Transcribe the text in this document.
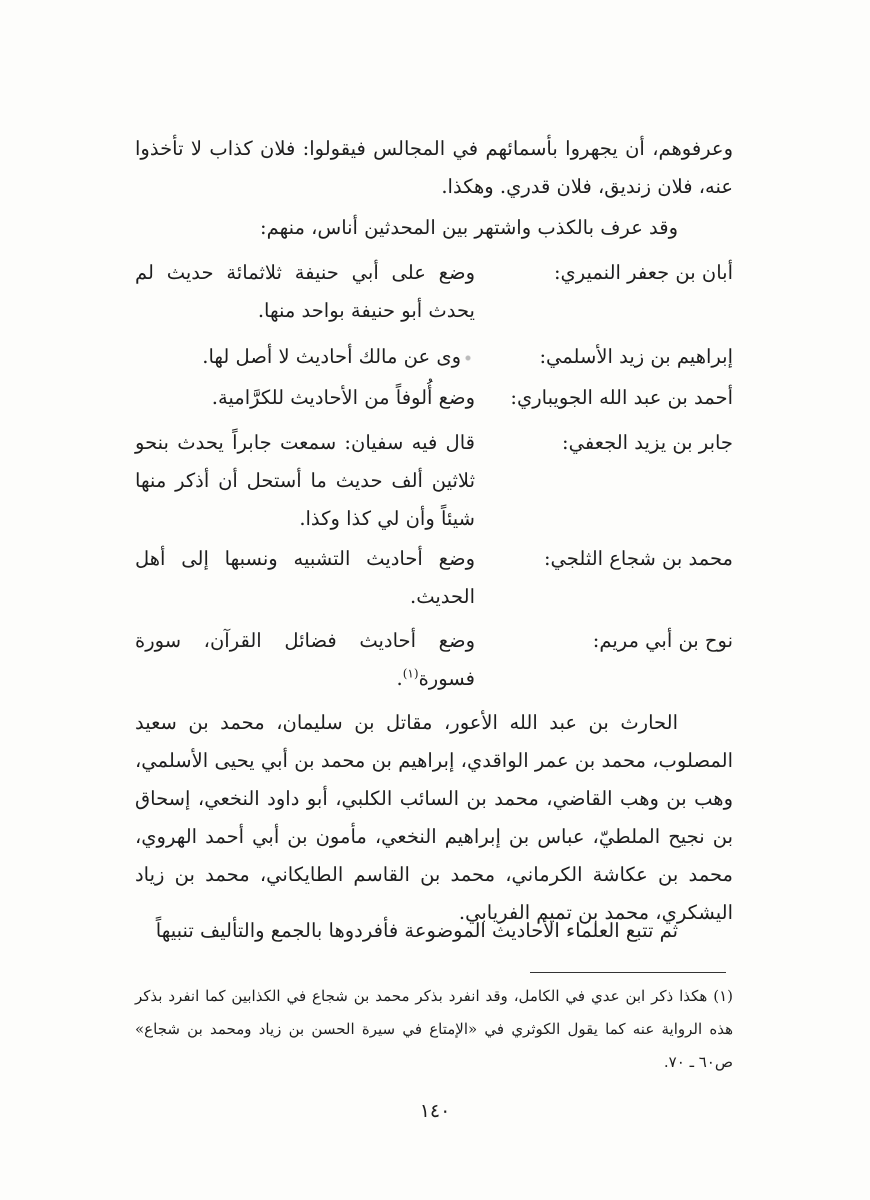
وعرفوهم، أن يجهروا بأسمائهم في المجالس فيقولوا: فلان كذاب لا تأخذوا عنه، فلان زنديق، فلان قدري. وهكذا.

وقد عرف بالكذب واشتهر بين المحدثين أناس، منهم:

أبان بن جعفر النميري:
وضع على أبي حنيفة ثلاثمائة حديث لم يحدث أبو حنيفة بواحد منها.
إبراهيم بن زيد الأسلمي:
وى عن مالك أحاديث لا أصل لها.
أحمد بن عبد الله الجويباري:
وضع أُلوفاً من الأحاديث للكرَّامية.
جابر بن يزيد الجعفي:
قال فيه سفيان: سمعت جابراً يحدث بنحو ثلاثين ألف حديث ما أستحل أن أذكر منها شيئاً وأن لي كذا وكذا.
محمد بن شجاع الثلجي:
وضع أحاديث التشبيه ونسبها إلى أهل الحديث.
نوح بن أبي مريم:
وضع أحاديث فضائل القرآن، سورة فسورة$^{(١)}$.

الحارث بن عبد الله الأعور، مقاتل بن سليمان، محمد بن سعيد المصلوب، محمد بن عمر الواقدي، إبراهيم بن محمد بن أبي يحيى الأسلمي، وهب بن وهب القاضي، محمد بن السائب الكلبي، أبو داود النخعي، إسحاق بن نجيح الملطيّ، عباس بن إبراهيم النخعي، مأمون بن أبي أحمد الهروي، محمد بن عكاشة الكرماني، محمد بن القاسم الطايكاني، محمد بن زياد اليشكري، محمد بن تميم الفريابي.

ثم تتبع العلماء الأحاديث الموضوعة فأفردوها بالجمع والتأليف تنبيهاً

(١) هكذا ذكر ابن عدي في الكامل، وقد انفرد بذكر محمد بن شجاع في الكذابين كما انفرد بذكر هذه الرواية عنه كما يقول الكوثري في «الإمتاع في سيرة الحسن بن زياد ومحمد بن شجاع» ص٦٠ ـ ٧٠.

١٤٠
